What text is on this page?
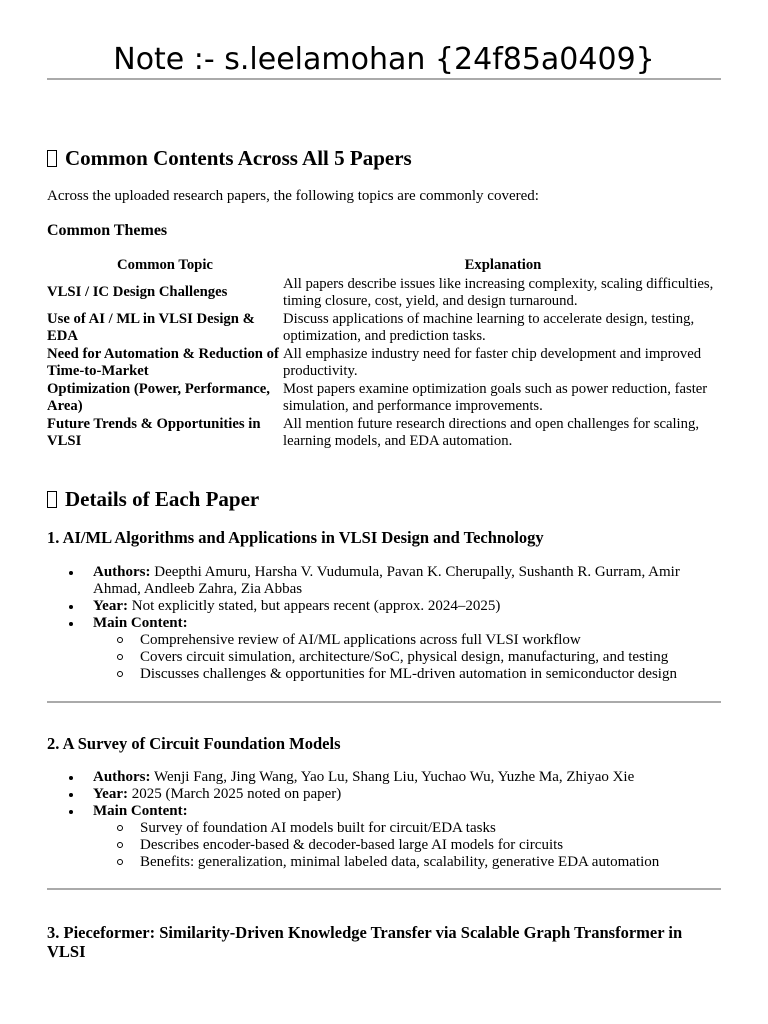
Note :- s.leelamohan {24f85a0409}
Common Contents Across All 5 Papers
Across the uploaded research papers, the following topics are commonly covered:
Common Themes
Common Topic	Explanation
VLSI / IC Design Challenges	All papers describe issues like increasing complexity, scaling difficulties, timing closure, cost, yield, and design turnaround.
Use of AI / ML in VLSI Design & EDA	Discuss applications of machine learning to accelerate design, testing, optimization, and prediction tasks.
Need for Automation & Reduction of Time-to-Market	All emphasize industry need for faster chip development and improved productivity.
Optimization (Power, Performance, Area)	Most papers examine optimization goals such as power reduction, faster simulation, and performance improvements.
Future Trends & Opportunities in VLSI	All mention future research directions and open challenges for scaling, learning models, and EDA automation.
Details of Each Paper
1. AI/ML Algorithms and Applications in VLSI Design and Technology
Authors: Deepthi Amuru, Harsha V. Vudumula, Pavan K. Cherupally, Sushanth R. Gurram, Amir Ahmad, Andleeb Zahra, Zia Abbas
Year: Not explicitly stated, but appears recent (approx. 2024–2025)
Main Content:
Comprehensive review of AI/ML applications across full VLSI workflow
Covers circuit simulation, architecture/SoC, physical design, manufacturing, and testing
Discusses challenges & opportunities for ML-driven automation in semiconductor design
2. A Survey of Circuit Foundation Models
Authors: Wenji Fang, Jing Wang, Yao Lu, Shang Liu, Yuchao Wu, Yuzhe Ma, Zhiyao Xie
Year: 2025 (March 2025 noted on paper)
Main Content:
Survey of foundation AI models built for circuit/EDA tasks
Describes encoder-based & decoder-based large AI models for circuits
Benefits: generalization, minimal labeled data, scalability, generative EDA automation
3. Pieceformer: Similarity-Driven Knowledge Transfer via Scalable Graph Transformer in VLSI
